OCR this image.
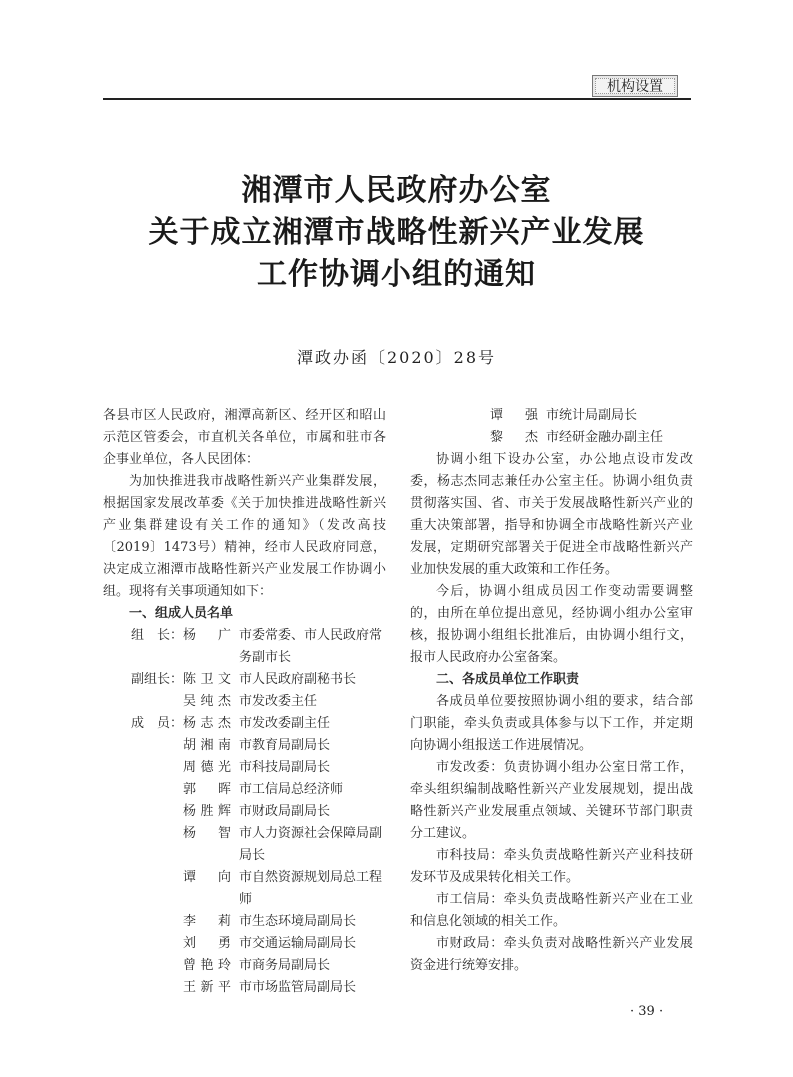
机构设置
湘潭市人民政府办公室
关于成立湘潭市战略性新兴产业发展
工作协调小组的通知
潭政办函〔2020〕28号

各县市区人民政府，湘潭高新区、经开区和昭山示范区管委会，市直机关各单位，市属和驻市各企事业单位，各人民团体：

为加快推进我市战略性新兴产业集群发展，根据国家发展改革委《关于加快推进战略性新兴产业集群建设有关工作的通知》（发改高技〔2019〕1473号）精神，经市人民政府同意，决定成立湘潭市战略性新兴产业发展工作协调小组。现将有关事项通知如下：

一、组成人员名单
组　长： 杨　广 市委常委、市人民政府常务副市长
副组长： 陈卫文 市人民政府副秘书长
吴纯杰 市发改委主任
成　员： 杨志杰 市发改委副主任
胡湘南 市教育局副局长
周德光 市科技局副局长
郭　晖 市工信局总经济师
杨胜辉 市财政局副局长
杨　智 市人力资源社会保障局副局长
谭　向 市自然资源规划局总工程师
李　莉 市生态环境局副局长
刘　勇 市交通运输局副局长
曾艳玲 市商务局副局长
王新平 市市场监管局副局长
谭　强 市统计局副局长
黎　杰 市经研金融办副主任

协调小组下设办公室，办公地点设市发改委，杨志杰同志兼任办公室主任。协调小组负责贯彻落实国、省、市关于发展战略性新兴产业的重大决策部署，指导和协调全市战略性新兴产业发展，定期研究部署关于促进全市战略性新兴产业加快发展的重大政策和工作任务。

今后，协调小组成员因工作变动需要调整的，由所在单位提出意见，经协调小组办公室审核，报协调小组组长批准后，由协调小组行文，报市人民政府办公室备案。

二、各成员单位工作职责

各成员单位要按照协调小组的要求，结合部门职能，牵头负责或具体参与以下工作，并定期向协调小组报送工作进展情况。

市发改委：负责协调小组办公室日常工作，牵头组织编制战略性新兴产业发展规划，提出战略性新兴产业发展重点领域、关键环节部门职责分工建议。

市科技局：牵头负责战略性新兴产业科技研发环节及成果转化相关工作。

市工信局：牵头负责战略性新兴产业在工业和信息化领域的相关工作。

市财政局：牵头负责对战略性新兴产业发展资金进行统筹安排。

· 39 ·
